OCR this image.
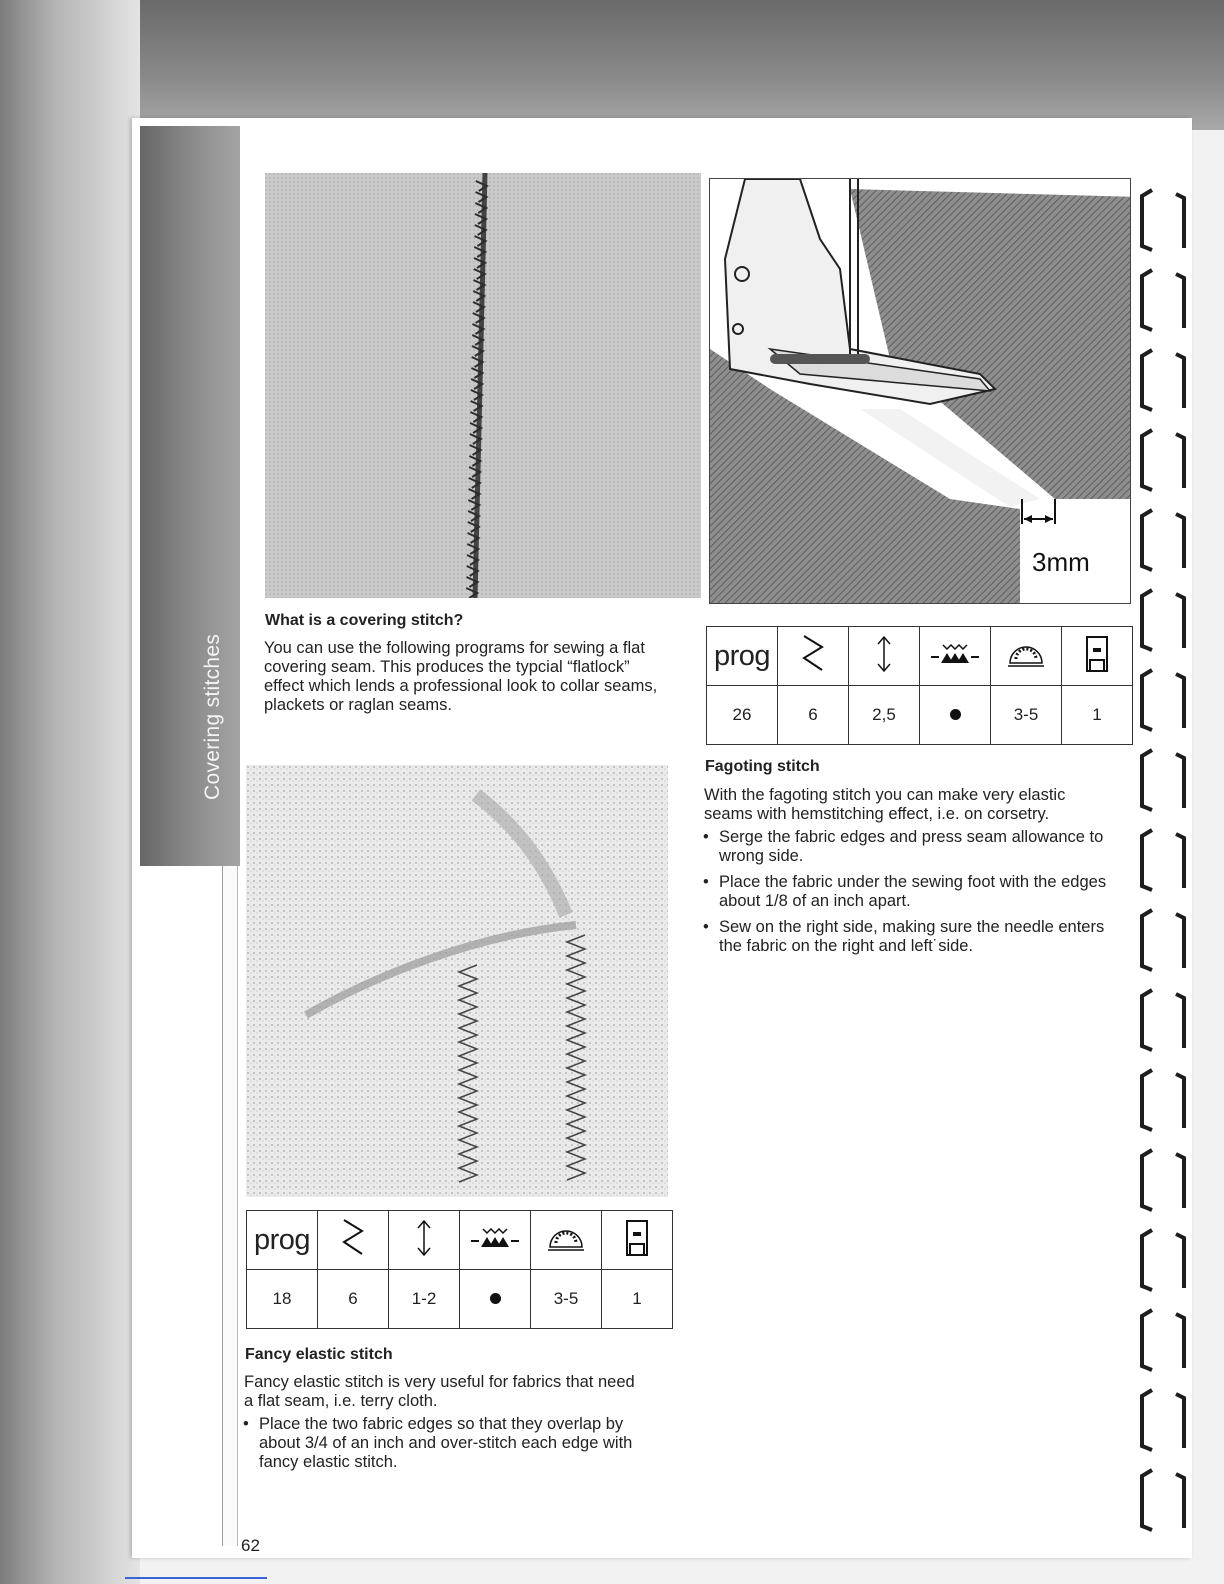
Covering stitches
3mm
What is a covering stitch?
You can use the following programs for sewing a flat covering seam. This produces the typcial “flatlock” effect which lends a professional look to collar seams, plackets or raglan seams.
prog					
26	6	2,5		3-5	1
Fagoting stitch
With the fagoting stitch you can make very elastic seams with hemstitching effect, i.e. on corsetry.
• Serge the fabric edges and press seam allowance to wrong side.
• Place the fabric under the sewing foot with the edges about 1/8 of an inch apart.
• Sew on the right side, making sure the needle enters the fabric on the right and left˙side.
prog					
18	6	1-2		3-5	1
Fancy elastic stitch
Fancy elastic stitch is very useful for fabrics that need a flat seam, i.e. terry cloth.
• Place the two fabric edges so that they overlap by about 3/4 of an inch and over-stitch each edge with fancy elastic stitch.
62
